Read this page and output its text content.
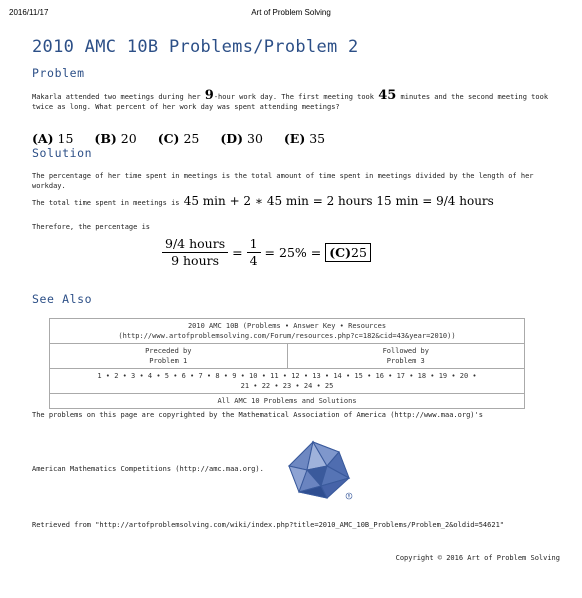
2016/11/17	Art of Problem Solving
2010 AMC 10B Problems/Problem 2
Problem
Makarla attended two meetings during her 9-hour work day. The first meeting took 45 minutes and the second meeting took twice as long. What percent of her work day was spent attending meetings?
(A) 15 (B) 20 (C) 25 (D) 30 (E) 35
Solution
The percentage of her time spent in meetings is the total amount of time spent in meetings divided by the length of her workday.
The total time spent in meetings is 45 min + 2 ∗ 45 min = 2 hours 15 min = 9/4 hours
Therefore, the percentage is
$\frac{\text{9/4 hours}}{\text{9 hours}} = \frac{1}{4} = 25\% = (C)25$
See Also
2010 AMC 10B (Problems • Answer Key • Resources
(http://www.artofproblemsolving.com/Forum/resources.php?c=182&cid=43&year=2010))

Preceded by
Problem 1

Followed by
Problem 3

1 • 2 • 3 • 4 • 5 • 6 • 7 • 8 • 9 • 10 • 11 • 12 • 13 • 14 • 15 • 16 • 17 • 18 • 19 • 20 •
21 • 22 • 23 • 24 • 25

All AMC 10 Problems and Solutions
The problems on this page are copyrighted by the Mathematical Association of America (http://www.maa.org)'s
American Mathematics Competitions (http://amc.maa.org).
R
Retrieved from "http://artofproblemsolving.com/wiki/index.php?title=2010_AMC_10B_Problems/Problem_2&oldid=54621"
Copyright © 2016 Art of Problem Solving
